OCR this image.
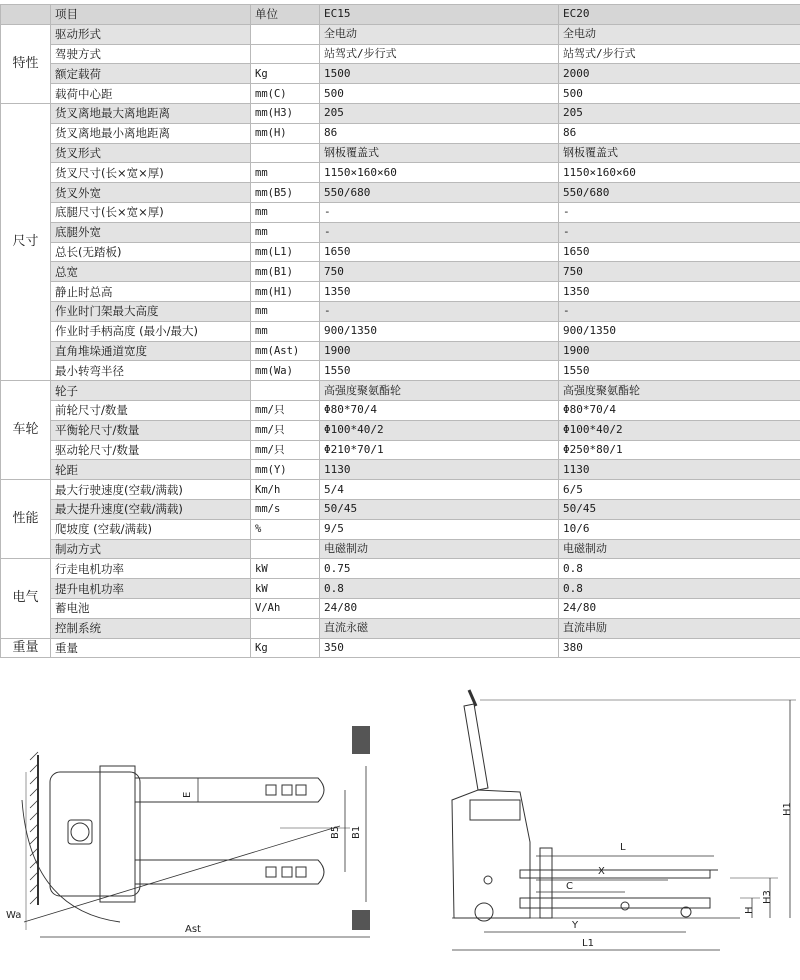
	项目	单位	EC15	EC20
特性	驱动形式		全电动	全电动
	驾驶方式		站驾式/步行式	站驾式/步行式
	额定载荷	Kg	1500	2000
	载荷中心距	mm(C)	500	500
尺寸	货叉离地最大离地距离	mm(H3)	205	205
	货叉离地最小离地距离	mm(H)	86	86
	货叉形式		钢板覆盖式	钢板覆盖式
	货叉尺寸(长×宽×厚)	mm	1150×160×60	1150×160×60
	货叉外宽	mm(B5)	550/680	550/680
	底腿尺寸(长×宽×厚)	mm	-	-
	底腿外宽	mm	-	-
	总长(无踏板)	mm(L1)	1650	1650
	总宽	mm(B1)	750	750
	静止时总高	mm(H1)	1350	1350
	作业时门架最大高度	mm	-	-
	作业时手柄高度 (最小/最大)	mm	900/1350	900/1350
	直角堆垛通道宽度	mm(Ast)	1900	1900
	最小转弯半径	mm(Wa)	1550	1550
车轮	轮子		高强度聚氨酯轮	高强度聚氨酯轮
	前轮尺寸/数量	mm/只	Φ80*70/4	Φ80*70/4
	平衡轮尺寸/数量	mm/只	Φ100*40/2	Φ100*40/2
	驱动轮尺寸/数量	mm/只	Φ210*70/1	Φ250*80/1
	轮距	mm(Y)	1130	1130
性能	最大行驶速度(空载/满载)	Km/h	5/4	6/5
	最大提升速度(空载/满载)	mm/s	50/45	50/45
	爬坡度 (空载/满载)	%	9/5	10/6
	制动方式		电磁制动	电磁制动
电气	行走电机功率	kW	0.75	0.8
	提升电机功率	kW	0.8	0.8
	蓄电池	V/Ah	24/80	24/80
	控制系统		直流永磁	直流串励
重量	重量	Kg	350	380
Ast
Wa
B5 B1
E
L
X
C
Y
L1
H
H3
H1
